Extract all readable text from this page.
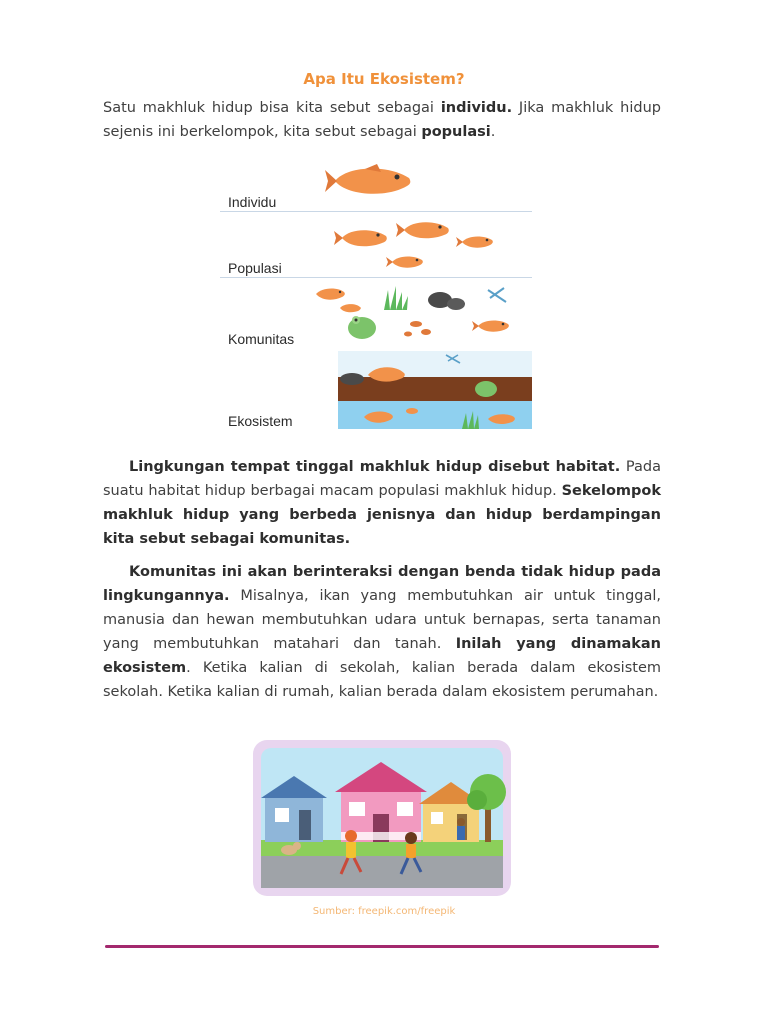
Apa Itu Ekosistem?

Satu makhluk hidup bisa kita sebut sebagai individu. Jika makhluk hidup sejenis ini berkelompok, kita sebut sebagai populasi.

Individu
Populasi
Komunitas
Ekosistem

Lingkungan tempat tinggal makhluk hidup disebut habitat. Pada suatu habitat hidup berbagai macam populasi makhluk hidup. Sekelompok makhluk hidup yang berbeda jenisnya dan hidup berdampingan kita sebut sebagai komunitas.

Komunitas ini akan berinteraksi dengan benda tidak hidup pada lingkungannya. Misalnya, ikan yang membutuhkan air untuk tinggal, manusia dan hewan membutuhkan udara untuk bernapas, serta tanaman yang membutuhkan matahari dan tanah. Inilah yang dinamakan ekosistem. Ketika kalian di sekolah, kalian berada dalam ekosistem sekolah. Ketika kalian di rumah, kalian berada dalam ekosistem perumahan.

Sumber: freepik.com/freepik
